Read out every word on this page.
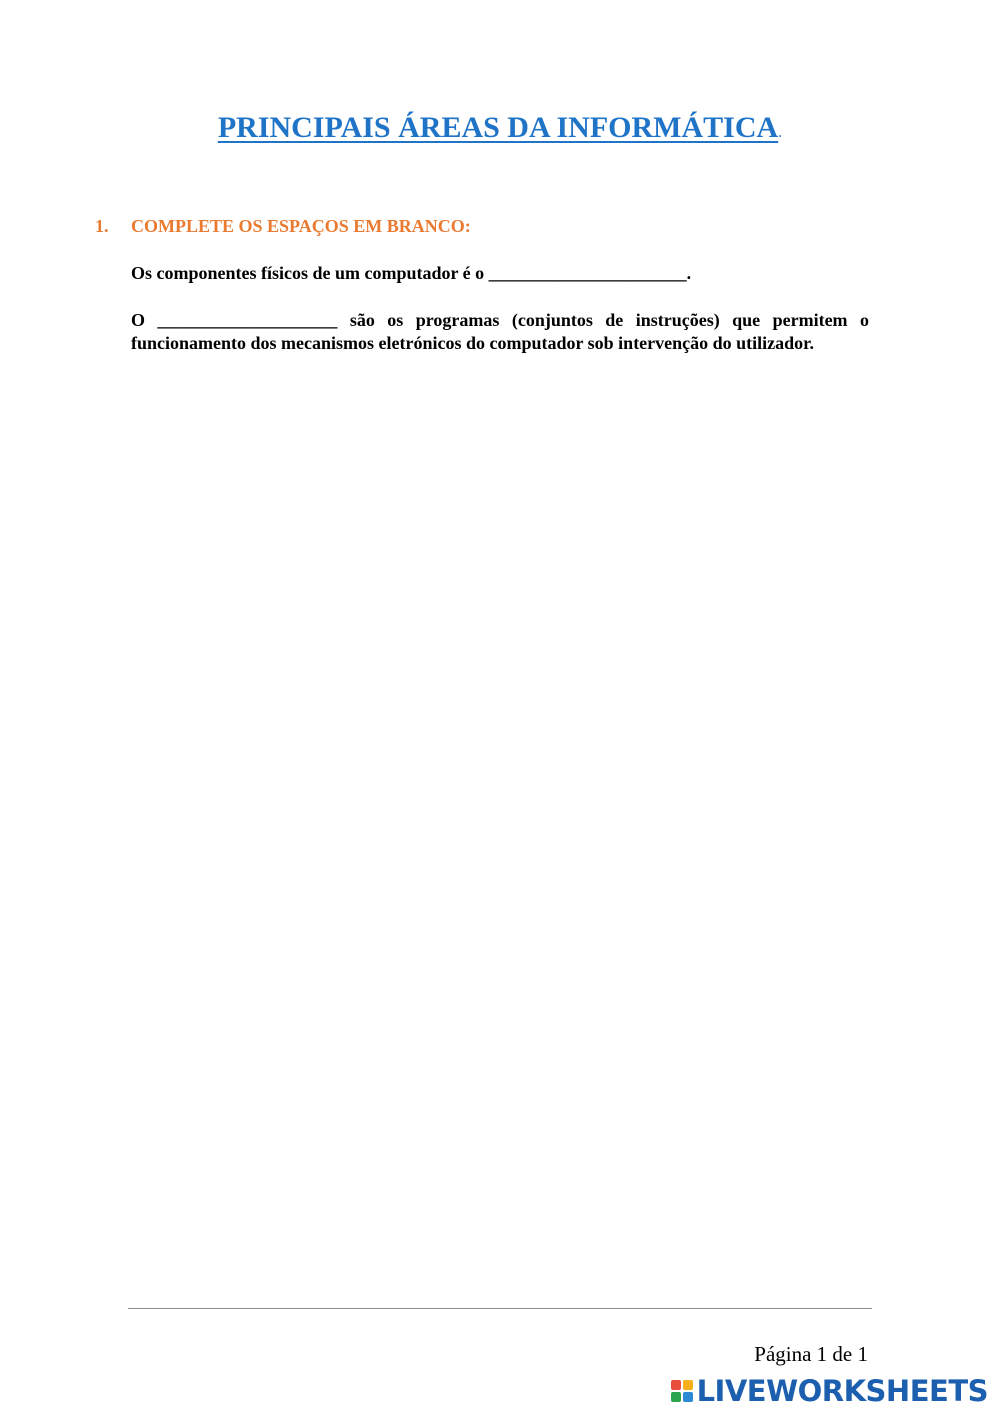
PRINCIPAIS ÁREAS DA INFORMÁTICA.
1. COMPLETE OS ESPAÇOS EM BRANCO:
Os componentes físicos de um computador é o ______________________.
O ____________________ são os programas (conjuntos de instruções) que permitem o funcionamento dos mecanismos eletrónicos do computador sob intervenção do utilizador.
Página 1 de 1
LIVEWORKSHEETS
